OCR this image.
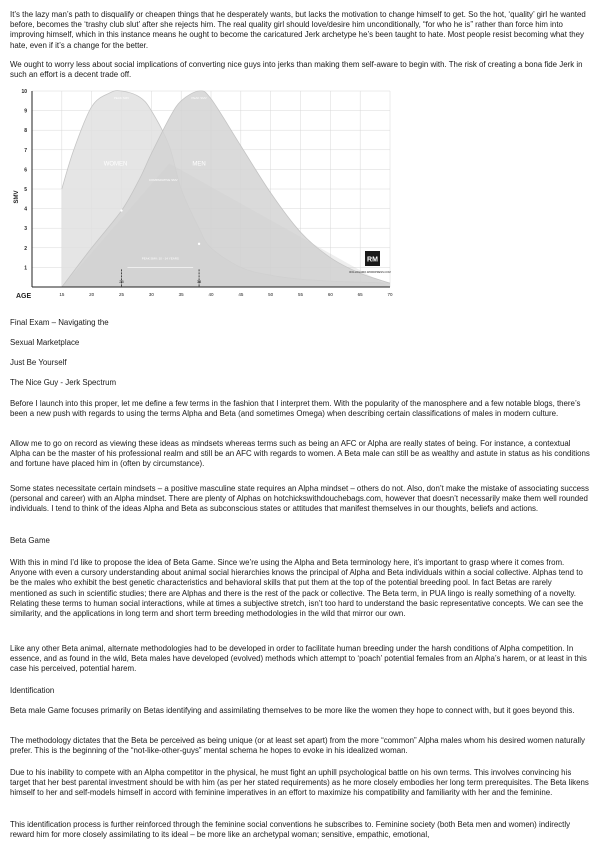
It’s the lazy man’s path to disqualify or cheapen things that he desperately wants, but lacks the motivation to change himself to get. So the hot, ‘quality’ girl he wanted before, becomes the ‘trashy club slut’ after she rejects him. The real quality girl should love/desire him unconditionally, “for who he is” rather than force him into improving himself, which in this instance means he ought to become the caricatured Jerk archetype he’s been taught to hate. Most people resist becoming what they hate, even if it’s a change for the better.

We ought to worry less about social implications of converting nice guys into jerks than making them self-aware to begin with. The risk of creating a bona fide Jerk in such an effort is a decent trade off.

1
2
3
4
5
6
7
8
9
10
15	20	25	30	35	40	45	50	55	60	65	70
SMV
AGE
WOMEN	MEN
PEAK SMV	PEAK SMV
COMPARATIVE SMV
PEAK SMV: 10 - 14 YEARS
25	38
RM
ROLLOGAMO.WORDPRESS.COM

Final Exam – Navigating the

Sexual Marketplace

Just Be Yourself

The Nice Guy - Jerk Spectrum

Before I launch into this proper, let me define a few terms in the fashion that I interpret them. With the popularity of the manosphere and a few notable blogs, there’s been a new push with regards to using the terms Alpha and Beta (and sometimes Omega) when describing certain classifications of males in modern culture.

Allow me to go on record as viewing these ideas as mindsets whereas terms such as being an AFC or Alpha are really states of being. For instance, a contextual Alpha can be the master of his professional realm and still be an AFC with regards to women. A Beta male can still be as wealthy and astute in status as his conditions and fortune have placed him in (often by circumstance).

Some states necessitate certain mindsets – a positive masculine state requires an Alpha mindset – others do not. Also, don’t make the mistake of associating success (personal and career) with an Alpha mindset. There are plenty of Alphas on hotchickswithdouchebags.com, however that doesn’t necessarily make them well rounded individuals. I tend to think of the ideas Alpha and Beta as subconscious states or attitudes that manifest themselves in our thoughts, beliefs and actions.

Beta Game

With this in mind I’d like to propose the idea of Beta Game. Since we’re using the Alpha and Beta terminology here, it’s important to grasp where it comes from. Anyone with even a cursory understanding about animal social hierarchies knows the principal of Alpha and Beta individuals within a social collective. Alphas tend to be the males who exhibit the best genetic characteristics and behavioral skills that put them at the top of the potential breeding pool. In fact Betas are rarely mentioned as such in scientific studies; there are Alphas and there is the rest of the pack or collective. The Beta term, in PUA lingo is really something of a novelty. Relating these terms to human social interactions, while at times a subjective stretch, isn’t too hard to understand the basic representative concepts. We can see the similarity, and the applications in long term and short term breeding methodologies in the wild that mirror our own.

Like any other Beta animal, alternate methodologies had to be developed in order to facilitate human breeding under the harsh conditions of Alpha competition. In essence, and as found in the wild, Beta males have developed (evolved) methods which attempt to ‘poach’ potential females from an Alpha’s harem, or at least in this case his perceived, potential harem.

Identification

Beta male Game focuses primarily on Betas identifying and assimilating themselves to be more like the women they hope to connect with, but it goes beyond this.

The methodology dictates that the Beta be perceived as being unique (or at least set apart) from the more “common” Alpha males whom his desired women naturally prefer. This is the beginning of the “not-like-other-guys” mental schema he hopes to evoke in his idealized woman.

Due to his inability to compete with an Alpha competitor in the physical, he must fight an uphill psychological battle on his own terms. This involves convincing his target that her best parental investment should be with him (as per her stated requirements) as he more closely embodies her long term prerequisites. The Beta likens himself to her and self-models himself in accord with feminine imperatives in an effort to maximize his compatibility and familiarity with her and the feminine.

This identification process is further reinforced through the feminine social conventions he subscribes to. Feminine society (both Beta men and women) indirectly reward him for more closely assimilating to its ideal – be more like an archetypal woman; sensitive, empathic, emotional,
